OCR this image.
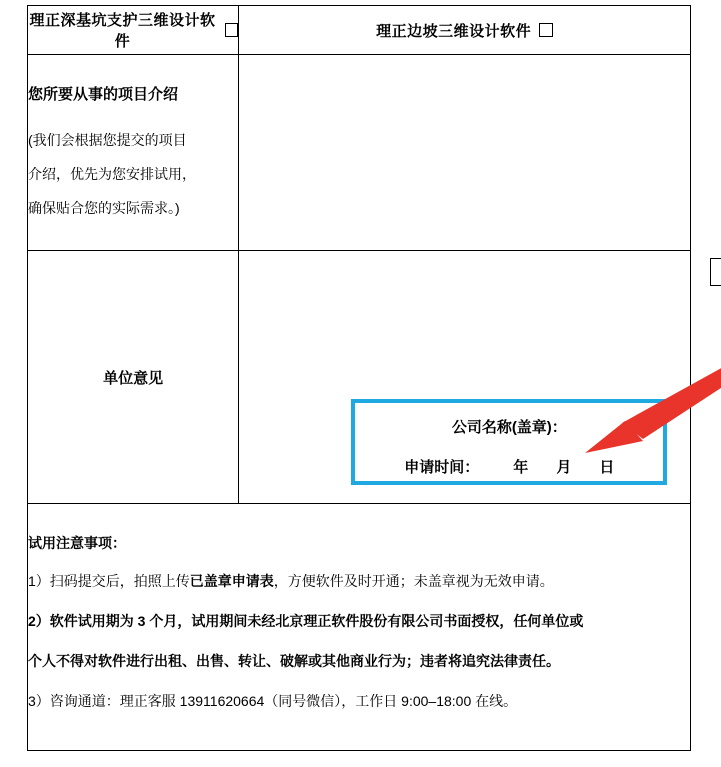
理正深基坑支护三维设计软件	理正边坡三维设计软件

您所要从事的项目介绍
(我们会根据您提交的项目
介绍，优先为您安排试用，
确保贴合您的实际需求。)	

单位意见	公司名称(盖章)：
申请时间： 年 月 日

试用注意事项：
1）扫码提交后，拍照上传已盖章申请表，方便软件及时开通；未盖章视为无效申请。
2）软件试用期为 3 个月，试用期间未经北京理正软件股份有限公司书面授权，任何单位或
个人不得对软件进行出租、出售、转让、破解或其他商业行为；违者将追究法律责任。
3）咨询通道：理正客服 13911620664（同号微信），工作日 9:00–18:00 在线。	
